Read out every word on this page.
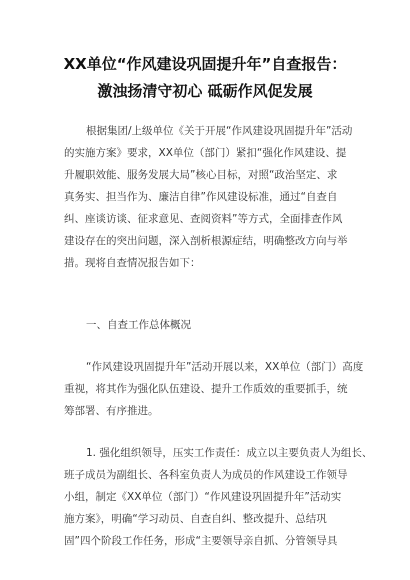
XX单位“作风建设巩固提升年”自查报告：
激浊扬清守初心 砥砺作风促发展
根据集团/上级单位《关于开展“作风建设巩固提升年”活动
的实施方案》要求，XX单位（部门）紧扣“强化作风建设、提
升履职效能、服务发展大局”核心目标，对照“政治坚定、求
真务实、担当作为、廉洁自律”作风建设标准，通过“自查自
纠、座谈访谈、征求意见、查阅资料”等方式，全面排查作风
建设存在的突出问题，深入剖析根源症结，明确整改方向与举
措。现将自查情况报告如下：
一、自查工作总体概况
“作风建设巩固提升年”活动开展以来，XX单位（部门）高度
重视，将其作为强化队伍建设、提升工作质效的重要抓手，统
筹部署、有序推进。
1. 强化组织领导，压实工作责任：成立以主要负责人为组长、
班子成员为副组长、各科室负责人为成员的作风建设工作领导
小组，制定《XX单位（部门）“作风建设巩固提升年”活动实
施方案》，明确“学习动员、自查自纠、整改提升、总结巩
固”四个阶段工作任务，形成“主要领导亲自抓、分管领导具
